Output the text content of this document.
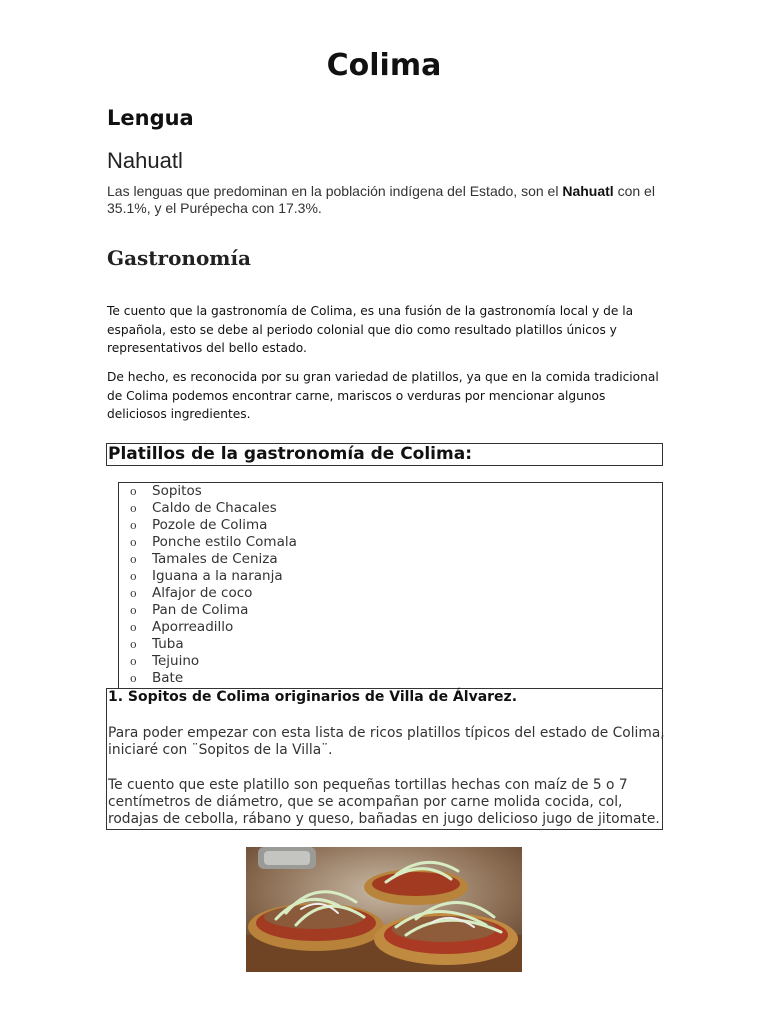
Colima
Lengua
Nahuatl

Las lenguas que predominan en la población indígena del Estado, son el Nahuatl con el 35.1%, y el Purépecha con 17.3%.

Gastronomía

Te cuento que la gastronomía de Colima, es una fusión de la gastronomía local y de la española, esto se debe al periodo colonial que dio como resultado platillos únicos y representativos del bello estado.

De hecho, es reconocida por su gran variedad de platillos, ya que en la comida tradicional de Colima podemos encontrar carne, mariscos o verduras por mencionar algunos deliciosos ingredientes.

Platillos de la gastronomía de Colima:
o Sopitos
o Caldo de Chacales
o Pozole de Colima
o Ponche estilo Comala
o Tamales de Ceniza
o Iguana a la naranja
o Alfajor de coco
o Pan de Colima
o Aporreadillo
o Tuba
o Tejuino
o Bate
1. Sopitos de Colima originarios de Villa de Álvarez.

Para poder empezar con esta lista de ricos platillos típicos del estado de Colima, iniciaré con ¨Sopitos de la Villa¨.

Te cuento que este platillo son pequeñas tortillas hechas con maíz de 5 o 7 centímetros de diámetro, que se acompañan por carne molida cocida, col, rodajas de cebolla, rábano y queso, bañadas en jugo delicioso jugo de jitomate.
